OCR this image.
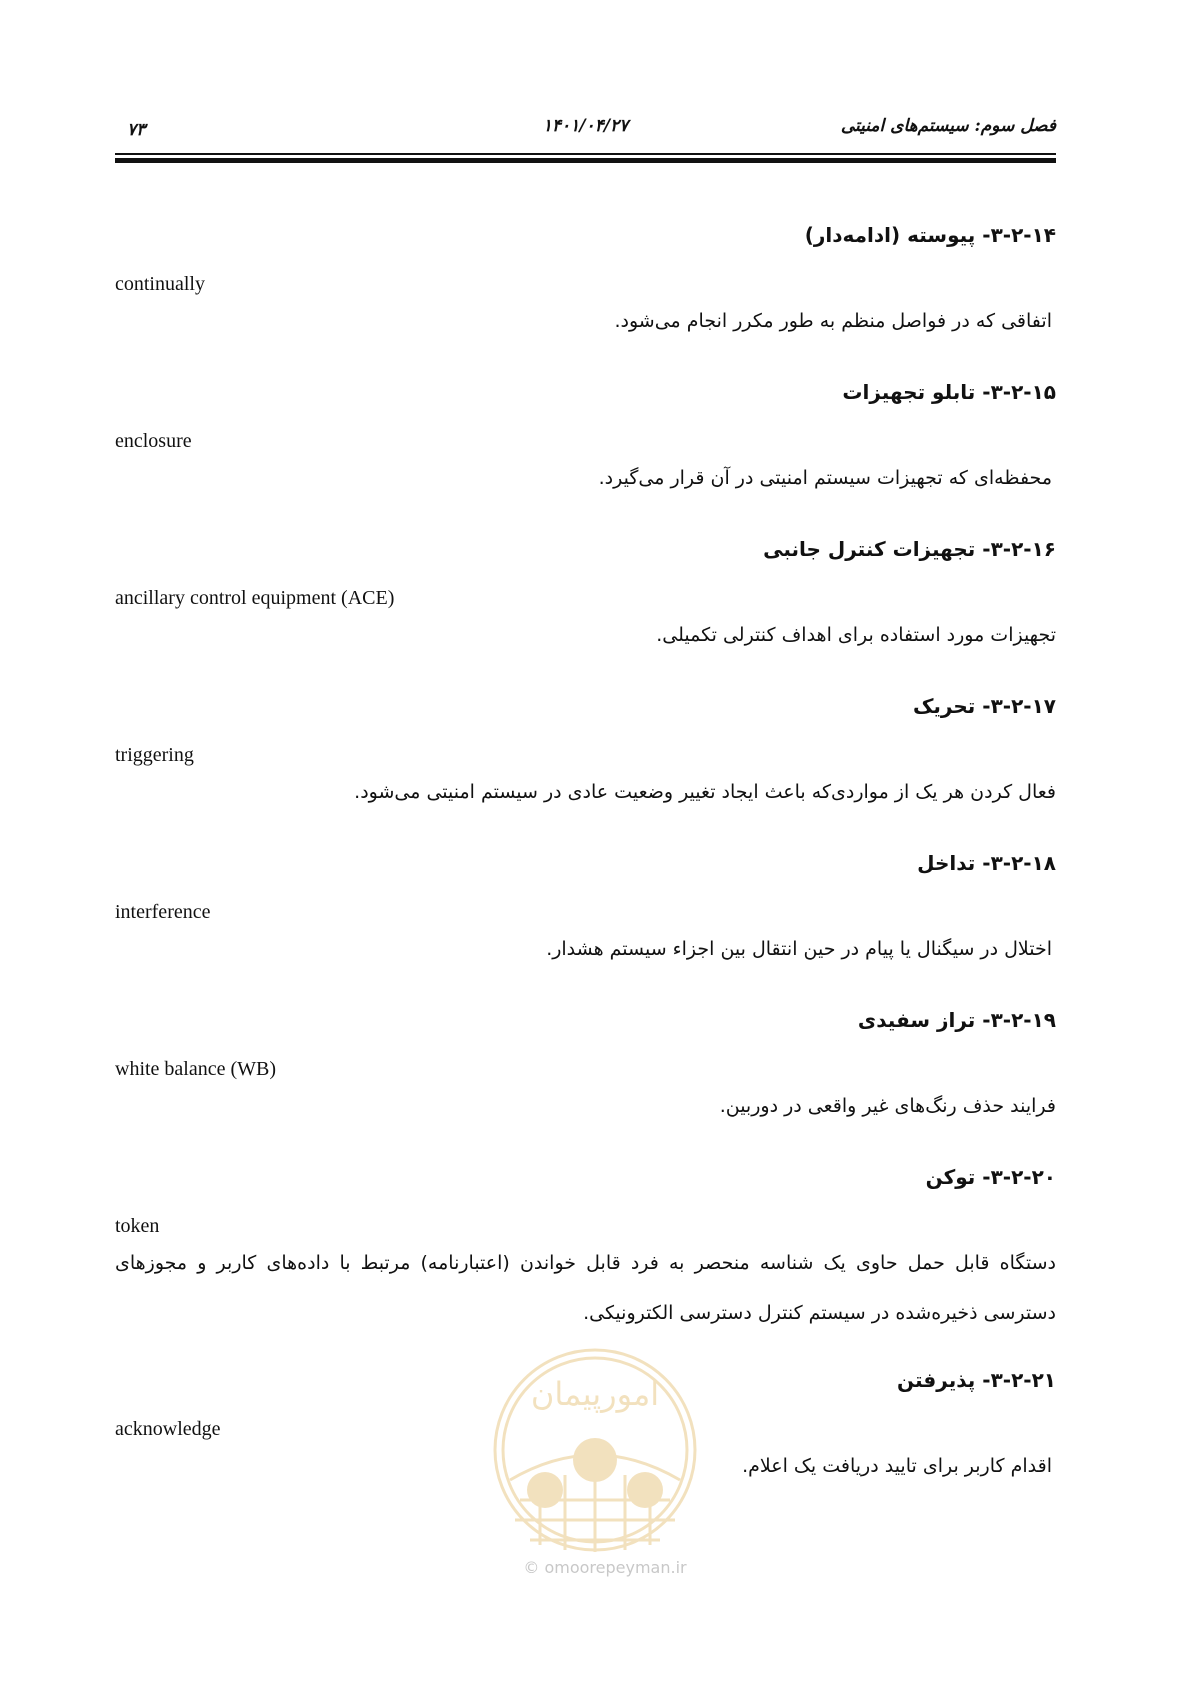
فصل سوم: سیستم‌های امنیتی
۱۴۰۱/۰۴/۲۷
۷۳
۳-۲-۱۴- پیوسته (ادامه‌دار)
continually
اتفاقی که در فواصل منظم به طور مکرر انجام می‌شود.
۳-۲-۱۵- تابلو تجهیزات
enclosure
محفظه‌ای که تجهیزات سیستم امنیتی در آن قرار می‌گیرد.
۳-۲-۱۶- تجهیزات کنترل جانبی
ancillary control equipment (ACE)
تجهیزات مورد استفاده برای اهداف کنترلی تکمیلی.
۳-۲-۱۷- تحریک
triggering
فعال کردن هر یک از مواردی‌که باعث ایجاد تغییر وضعیت عادی در سیستم امنیتی می‌شود.
۳-۲-۱۸- تداخل
interference
اختلال در سیگنال یا پیام در حین انتقال بین اجزاء سیستم هشدار.
۳-۲-۱۹- تراز سفیدی
white balance (WB)
فرایند حذف رنگ‌های غیر واقعی در دوربین.
۳-۲-۲۰- توکن
token
دستگاه قابل حمل حاوی یک شناسه منحصر به فرد قابل خواندن (اعتبارنامه) مرتبط با داده‌های کاربر و مجوزهای دسترسی ذخیره‌شده در سیستم کنترل دسترسی الکترونیکی.
۳-۲-۲۱- پذیرفتن
acknowledge
اقدام کاربر برای تایید دریافت یک اعلام.
امورپیمان
© omoorepeyman.ir
